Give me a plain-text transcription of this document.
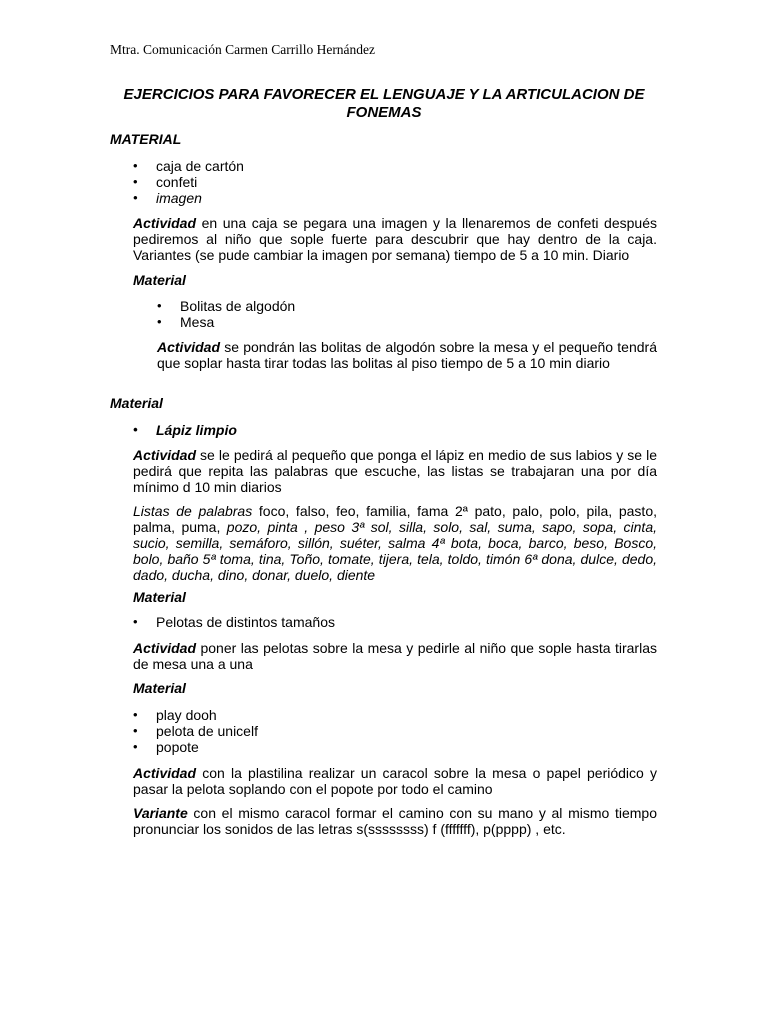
Mtra. Comunicación Carmen Carrillo Hernández
EJERCICIOS PARA FAVORECER EL LENGUAJE Y LA ARTICULACION DE FONEMAS
MATERIAL
• caja de cartón
• confeti
• imagen

Actividad en una caja se pegara una imagen y la llenaremos de confeti después pediremos al niño que sople fuerte para descubrir que hay dentro de la caja. Variantes (se pude cambiar la imagen por semana) tiempo de 5 a 10 min. Diario

Material
• Bolitas de algodón
• Mesa

Actividad se pondrán las bolitas de algodón sobre la mesa y el pequeño tendrá que soplar hasta tirar todas las bolitas al piso tiempo de 5 a 10 min diario

Material
• Lápiz limpio

Actividad se le pedirá al pequeño que ponga el lápiz en medio de sus labios y se le pedirá que repita las palabras que escuche, las listas se trabajaran una por día mínimo d 10 min diarios

Listas de palabras foco, falso, feo, familia, fama 2ª pato, palo, polo, pila, pasto, palma, puma, pozo, pinta , peso 3ª sol, silla, solo, sal, suma, sapo, sopa, cinta, sucio, semilla, semáforo, sillón, suéter, salma 4ª bota, boca, barco, beso, Bosco, bolo, baño 5ª toma, tina, Toño, tomate, tijera, tela, toldo, timón 6ª dona, dulce, dedo, dado, ducha, dino, donar, duelo, diente

Material
• Pelotas de distintos tamaños

Actividad poner las pelotas sobre la mesa y pedirle al niño que sople hasta tirarlas de mesa una a una

Material
• play dooh
• pelota de unicelf
• popote

Actividad con la plastilina realizar un caracol sobre la mesa o papel periódico y pasar la pelota soplando con el popote por todo el camino

Variante con el mismo caracol formar el camino con su mano y al mismo tiempo pronunciar los sonidos de las letras s(ssssssss) f (fffffff), p(pppp) , etc.
